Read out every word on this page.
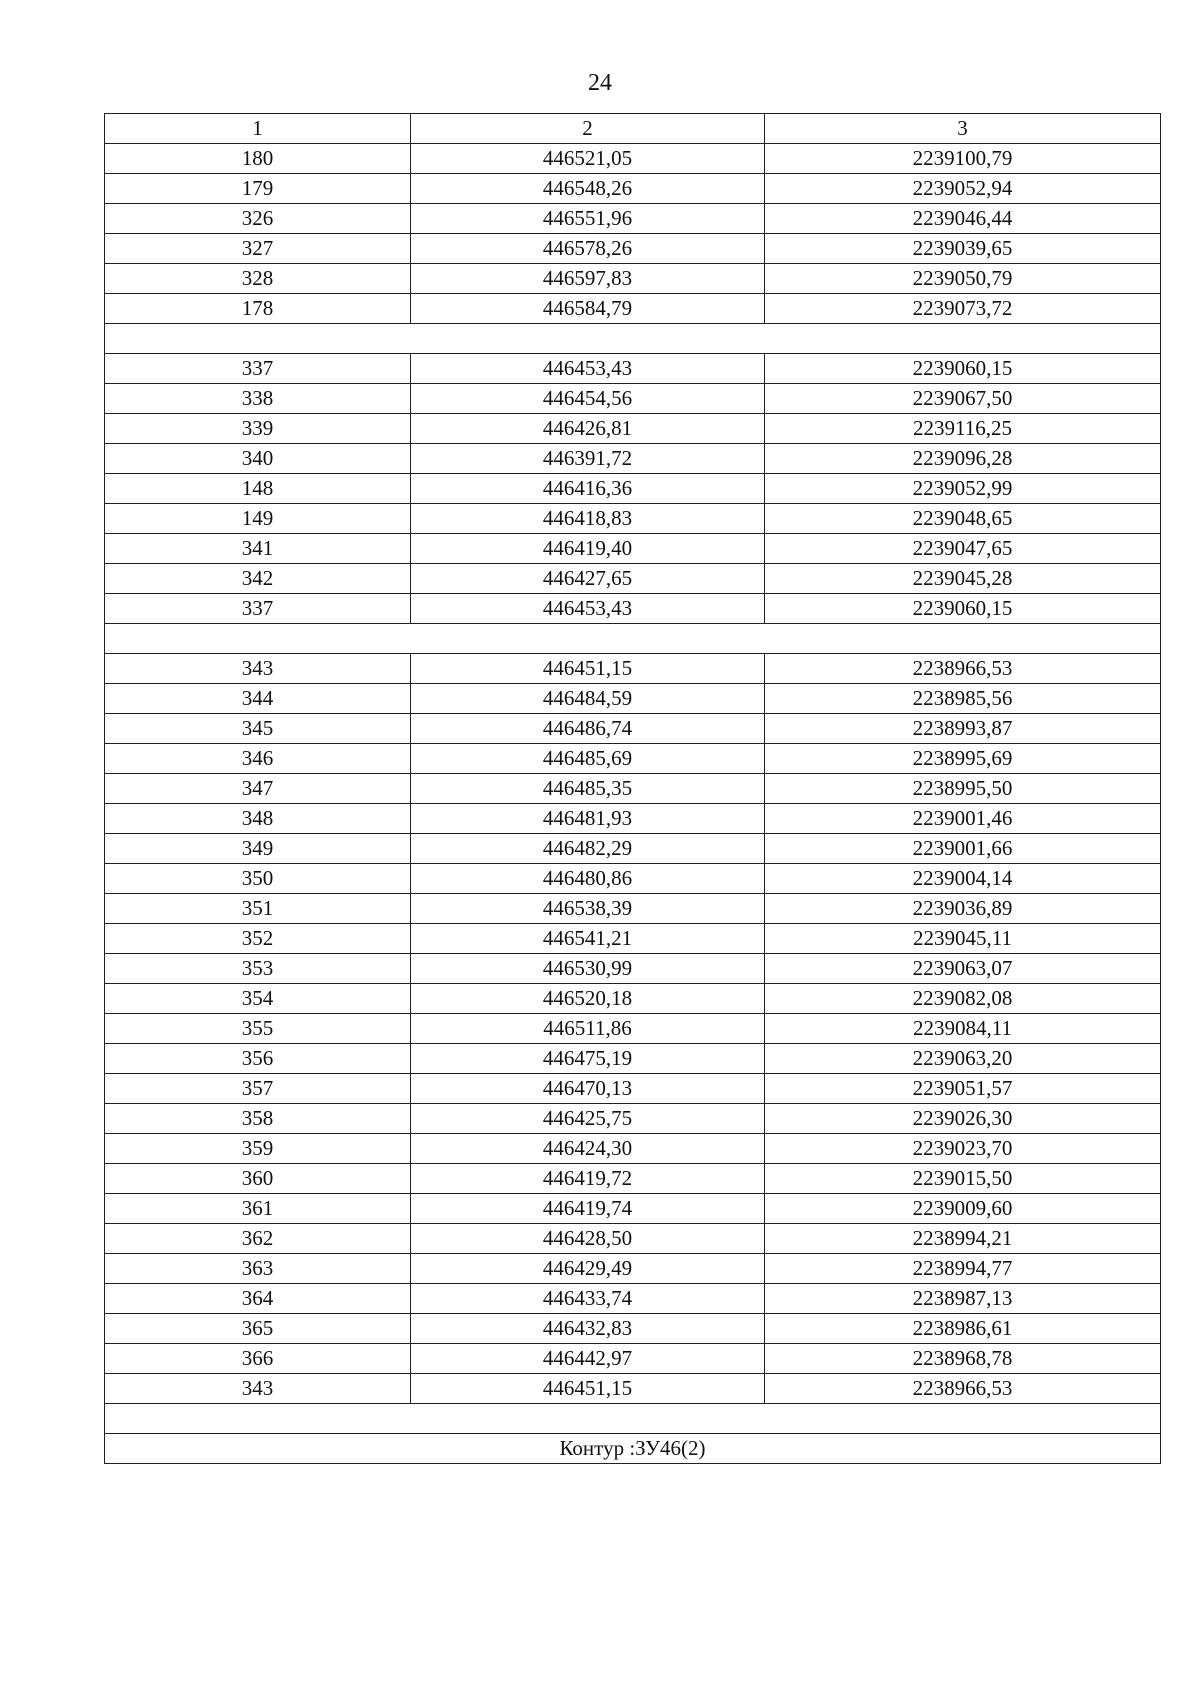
24
1	2	3
180	446521,05	2239100,79
179	446548,26	2239052,94
326	446551,96	2239046,44
327	446578,26	2239039,65
328	446597,83	2239050,79
178	446584,79	2239073,72

337	446453,43	2239060,15
338	446454,56	2239067,50
339	446426,81	2239116,25
340	446391,72	2239096,28
148	446416,36	2239052,99
149	446418,83	2239048,65
341	446419,40	2239047,65
342	446427,65	2239045,28
337	446453,43	2239060,15

343	446451,15	2238966,53
344	446484,59	2238985,56
345	446486,74	2238993,87
346	446485,69	2238995,69
347	446485,35	2238995,50
348	446481,93	2239001,46
349	446482,29	2239001,66
350	446480,86	2239004,14
351	446538,39	2239036,89
352	446541,21	2239045,11
353	446530,99	2239063,07
354	446520,18	2239082,08
355	446511,86	2239084,11
356	446475,19	2239063,20
357	446470,13	2239051,57
358	446425,75	2239026,30
359	446424,30	2239023,70
360	446419,72	2239015,50
361	446419,74	2239009,60
362	446428,50	2238994,21
363	446429,49	2238994,77
364	446433,74	2238987,13
365	446432,83	2238986,61
366	446442,97	2238968,78
343	446451,15	2238966,53

Контур :ЗУ46(2)		
